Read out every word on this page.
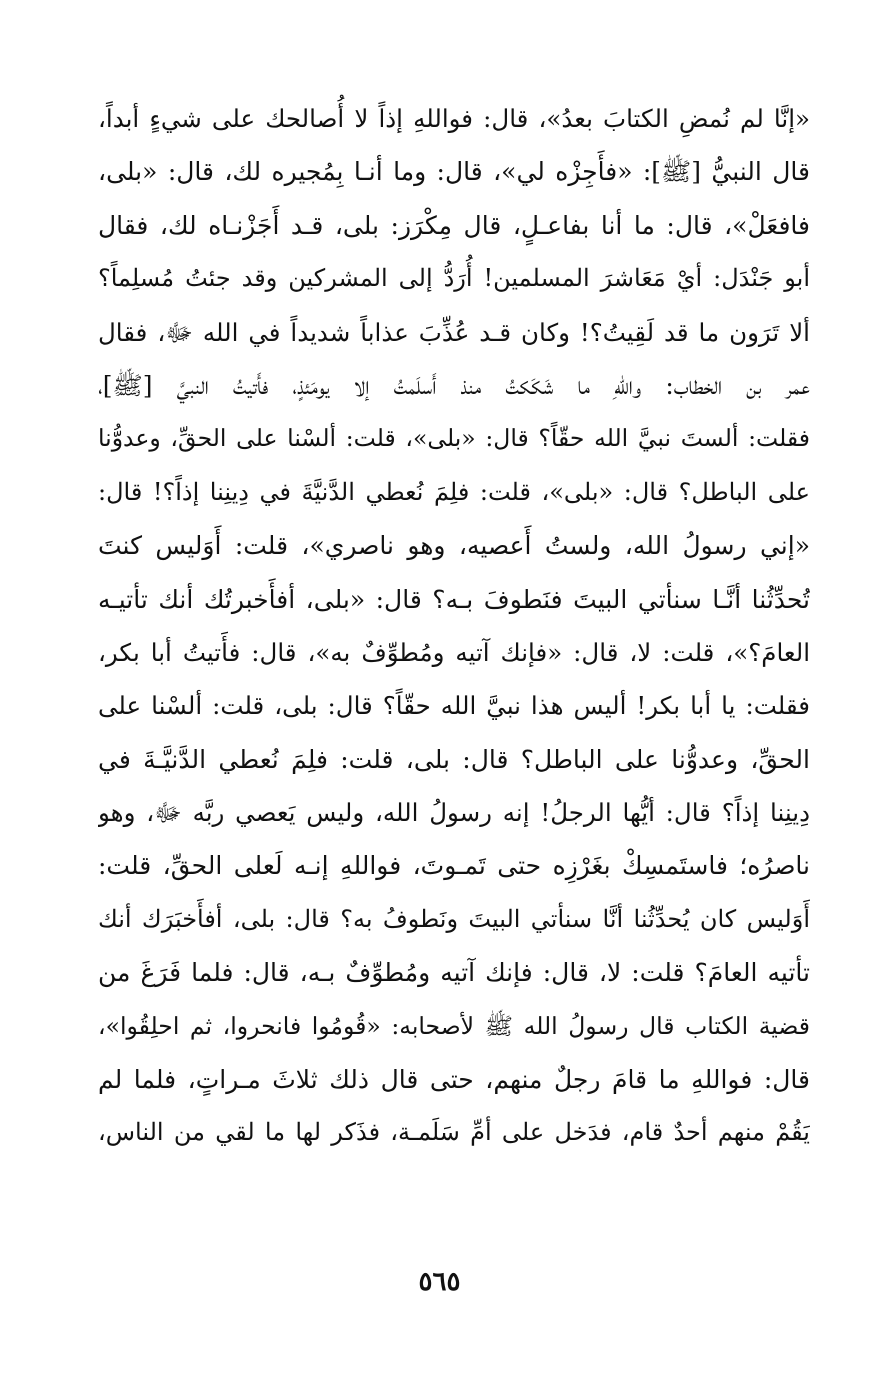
«إنَّا لم نُمضِ الكتابَ بعدُ»، قال: فواللهِ إذاً لا أُصالحك على شيءٍ أبداً،
قال النبيُّ [ﷺ]: «فأَجِزْه لي»، قال: وما أنـا بِمُجيره لك، قال: «بلى،
فافعَلْ»، قال: ما أنا بفاعـلٍ، قال مِكْرَز: بلى، قـد أَجَزْنـاه لك، فقال
أبو جَنْدَل: أيْ مَعَاشرَ المسلمين! أُرَدُّ إلى المشركين وقد جئتُ مُسلِماً؟
ألا تَرَون ما قد لَقِيتُ؟! وكان قـد عُذِّبَ عذاباً شديداً في الله ﷻ، فقال
عمر بن الخطاب: واللهِ ما شَكَكتُ منذ أَسلَمتُ إلا يومَئذٍ، فأَتيتُ النبيَّ [ﷺ]،
فقلت: ألستَ نبيَّ الله حقّاً؟ قال: «بلى»، قلت: ألسْنا على الحقِّ، وعدوُّنا
على الباطل؟ قال: «بلى»، قلت: فلِمَ نُعطي الدَّنيَّةَ في دِينِنا إذاً؟! قال:
«إني رسولُ الله، ولستُ أَعصيه، وهو ناصري»، قلت: أَوَليس كنتَ
تُحدِّثُنا أنَّـا سنأتي البيتَ فنَطوفَ بـه؟ قال: «بلى، أفأَخبرتُك أنك تأتيـه
العامَ؟»، قلت: لا، قال: «فإنك آتيه ومُطوِّفٌ به»، قال: فأَتيتُ أبا بكر،
فقلت: يا أبا بكر! أليس هذا نبيَّ الله حقّاً؟ قال: بلى، قلت: ألسْنا على
الحقِّ، وعدوُّنا على الباطل؟ قال: بلى، قلت: فلِمَ نُعطي الدَّنيَّـةَ في
دِينِنا إذاً؟ قال: أيُّها الرجلُ! إنه رسولُ الله، وليس يَعصي ربَّه ﷻ، وهو
ناصرُه؛ فاستَمسِكْ بغَرْزِه حتى تَمـوتَ، فواللهِ إنـه لَعلى الحقِّ، قلت:
أَوَليس كان يُحدِّثُنا أنَّا سنأتي البيتَ ونَطوفُ به؟ قال: بلى، أفأَخبَرَك أنك
تأتيه العامَ؟ قلت: لا، قال: فإنك آتيه ومُطوِّفٌ بـه، قال: فلما فَرَغَ من
قضية الكتاب قال رسولُ الله ﷺ لأصحابه: «قُومُوا فانحروا، ثم احلِقُوا»،
قال: فواللهِ ما قامَ رجلٌ منهم، حتى قال ذلك ثلاثَ مـراتٍ، فلما لم
يَقُمْ منهم أحدٌ قام، فدَخل على أمِّ سَلَمـة، فذَكر لها ما لقي من الناس،
٥٦٥
